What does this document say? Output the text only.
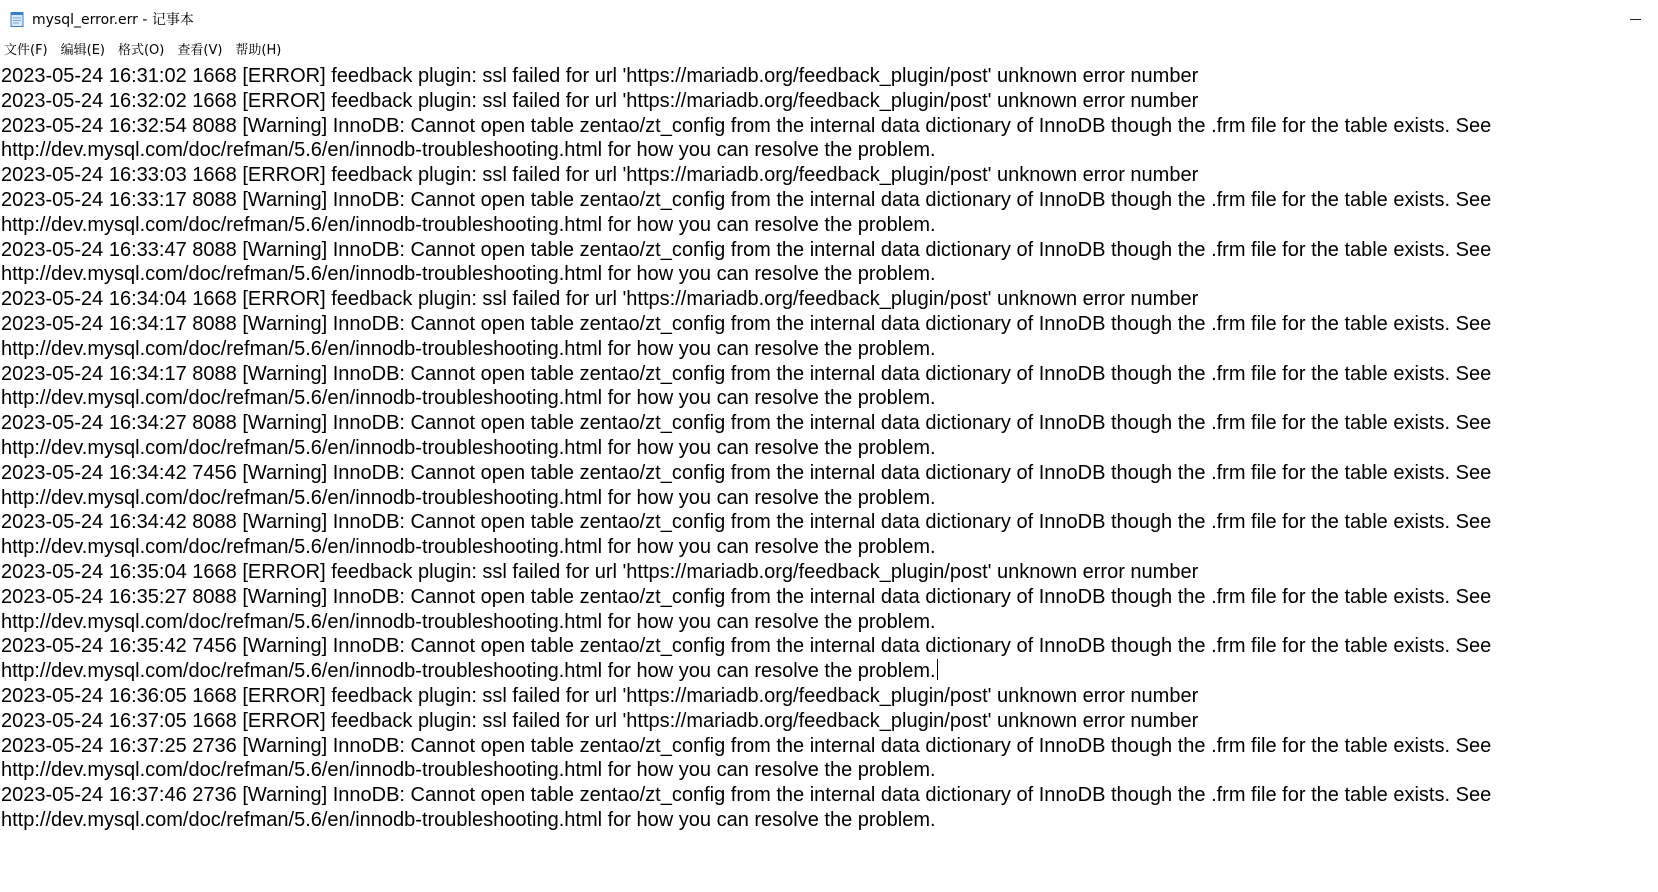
mysql_error.err - 记事本
文件(F)	编辑(E)	格式(O)	查看(V)	帮助(H)
2023-05-24 16:31:02 1668 [ERROR] feedback plugin: ssl failed for url 'https://mariadb.org/feedback_plugin/post' unknown error number
2023-05-24 16:32:02 1668 [ERROR] feedback plugin: ssl failed for url 'https://mariadb.org/feedback_plugin/post' unknown error number
2023-05-24 16:32:54 8088 [Warning] InnoDB: Cannot open table zentao/zt_config from the internal data dictionary of InnoDB though the .frm file for the table exists. See
http://dev.mysql.com/doc/refman/5.6/en/innodb-troubleshooting.html for how you can resolve the problem.
2023-05-24 16:33:03 1668 [ERROR] feedback plugin: ssl failed for url 'https://mariadb.org/feedback_plugin/post' unknown error number
2023-05-24 16:33:17 8088 [Warning] InnoDB: Cannot open table zentao/zt_config from the internal data dictionary of InnoDB though the .frm file for the table exists. See
http://dev.mysql.com/doc/refman/5.6/en/innodb-troubleshooting.html for how you can resolve the problem.
2023-05-24 16:33:47 8088 [Warning] InnoDB: Cannot open table zentao/zt_config from the internal data dictionary of InnoDB though the .frm file for the table exists. See
http://dev.mysql.com/doc/refman/5.6/en/innodb-troubleshooting.html for how you can resolve the problem.
2023-05-24 16:34:04 1668 [ERROR] feedback plugin: ssl failed for url 'https://mariadb.org/feedback_plugin/post' unknown error number
2023-05-24 16:34:17 8088 [Warning] InnoDB: Cannot open table zentao/zt_config from the internal data dictionary of InnoDB though the .frm file for the table exists. See
http://dev.mysql.com/doc/refman/5.6/en/innodb-troubleshooting.html for how you can resolve the problem.
2023-05-24 16:34:17 8088 [Warning] InnoDB: Cannot open table zentao/zt_config from the internal data dictionary of InnoDB though the .frm file for the table exists. See
http://dev.mysql.com/doc/refman/5.6/en/innodb-troubleshooting.html for how you can resolve the problem.
2023-05-24 16:34:27 8088 [Warning] InnoDB: Cannot open table zentao/zt_config from the internal data dictionary of InnoDB though the .frm file for the table exists. See
http://dev.mysql.com/doc/refman/5.6/en/innodb-troubleshooting.html for how you can resolve the problem.
2023-05-24 16:34:42 7456 [Warning] InnoDB: Cannot open table zentao/zt_config from the internal data dictionary of InnoDB though the .frm file for the table exists. See
http://dev.mysql.com/doc/refman/5.6/en/innodb-troubleshooting.html for how you can resolve the problem.
2023-05-24 16:34:42 8088 [Warning] InnoDB: Cannot open table zentao/zt_config from the internal data dictionary of InnoDB though the .frm file for the table exists. See
http://dev.mysql.com/doc/refman/5.6/en/innodb-troubleshooting.html for how you can resolve the problem.
2023-05-24 16:35:04 1668 [ERROR] feedback plugin: ssl failed for url 'https://mariadb.org/feedback_plugin/post' unknown error number
2023-05-24 16:35:27 8088 [Warning] InnoDB: Cannot open table zentao/zt_config from the internal data dictionary of InnoDB though the .frm file for the table exists. See
http://dev.mysql.com/doc/refman/5.6/en/innodb-troubleshooting.html for how you can resolve the problem.
2023-05-24 16:35:42 7456 [Warning] InnoDB: Cannot open table zentao/zt_config from the internal data dictionary of InnoDB though the .frm file for the table exists. See
http://dev.mysql.com/doc/refman/5.6/en/innodb-troubleshooting.html for how you can resolve the problem.
2023-05-24 16:36:05 1668 [ERROR] feedback plugin: ssl failed for url 'https://mariadb.org/feedback_plugin/post' unknown error number
2023-05-24 16:37:05 1668 [ERROR] feedback plugin: ssl failed for url 'https://mariadb.org/feedback_plugin/post' unknown error number
2023-05-24 16:37:25 2736 [Warning] InnoDB: Cannot open table zentao/zt_config from the internal data dictionary of InnoDB though the .frm file for the table exists. See
http://dev.mysql.com/doc/refman/5.6/en/innodb-troubleshooting.html for how you can resolve the problem.
2023-05-24 16:37:46 2736 [Warning] InnoDB: Cannot open table zentao/zt_config from the internal data dictionary of InnoDB though the .frm file for the table exists. See
http://dev.mysql.com/doc/refman/5.6/en/innodb-troubleshooting.html for how you can resolve the problem.
